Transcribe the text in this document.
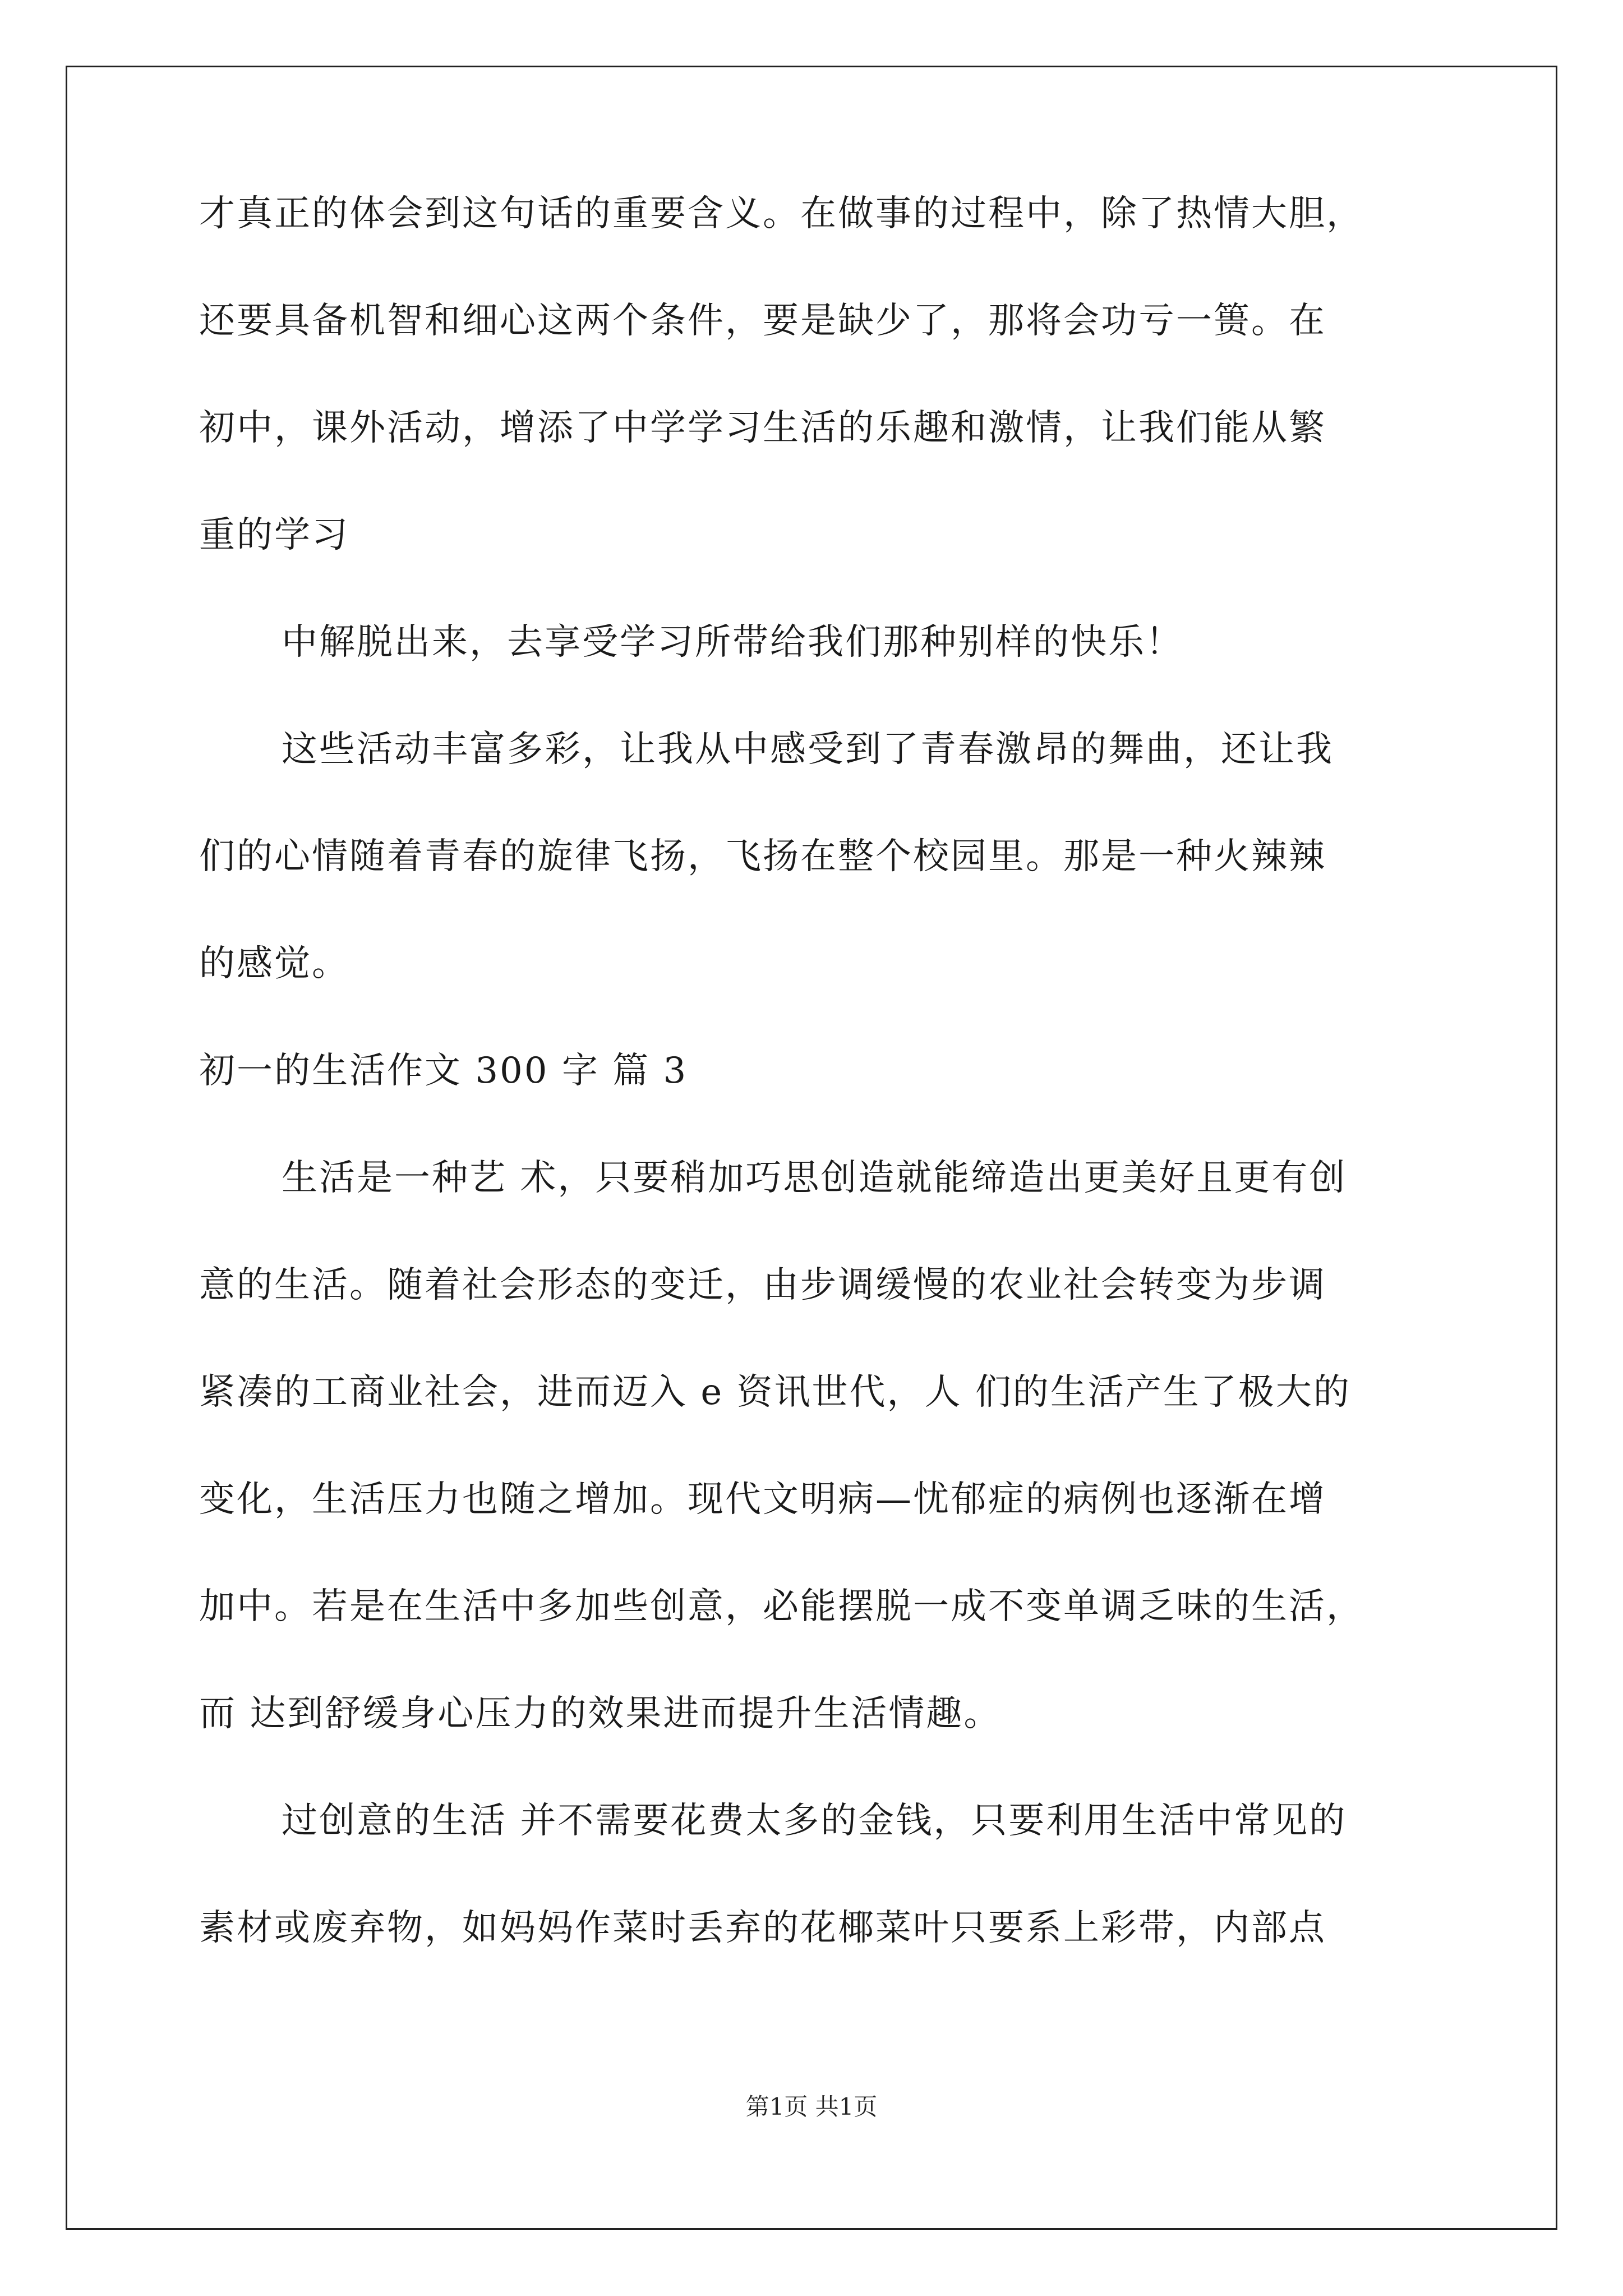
才真正的体会到这句话的重要含义。在做事的过程中，除了热情大胆，
还要具备机智和细心这两个条件，要是缺少了，那将会功亏一篑。在
初中，课外活动，增添了中学学习生活的乐趣和激情，让我们能从繁
重的学习
中解脱出来，去享受学习所带给我们那种别样的快乐！
这些活动丰富多彩，让我从中感受到了青春激昂的舞曲，还让我
们的心情随着青春的旋律飞扬，飞扬在整个校园里。那是一种火辣辣
的感觉。
初一的生活作文 300 字 篇 3
生活是一种艺 术，只要稍加巧思创造就能缔造出更美好且更有创
意的生活。随着社会形态的变迁，由步调缓慢的农业社会转变为步调
紧凑的工商业社会，进而迈入 e 资讯世代，人 们的生活产生了极大的
变化，生活压力也随之增加。现代文明病—忧郁症的病例也逐渐在增
加中。若是在生活中多加些创意，必能摆脱一成不变单调乏味的生活，
而 达到舒缓身心压力的效果进而提升生活情趣。
过创意的生活 并不需要花费太多的金钱，只要利用生活中常见的
素材或废弃物，如妈妈作菜时丢弃的花椰菜叶只要系上彩带，内部点
第1页 共1页
